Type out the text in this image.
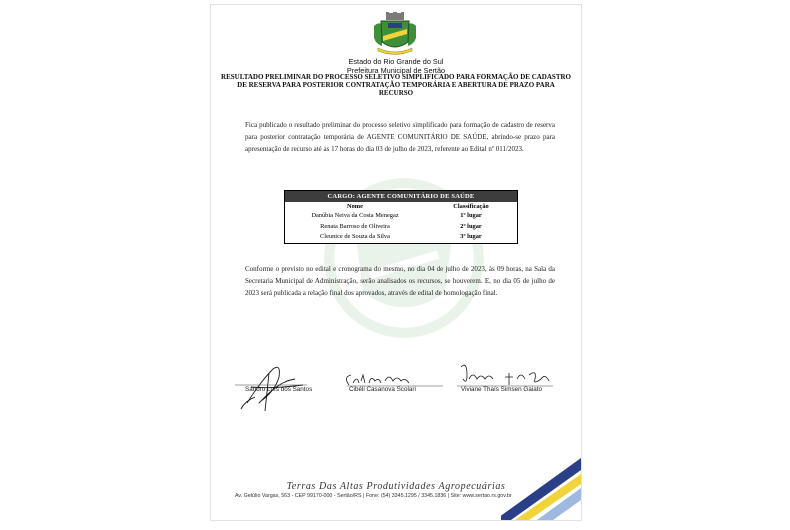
Estado do Rio Grande do Sul
Prefeitura Municipal de Sertão
RESULTADO PRELIMINAR DO PROCESSO SELETIVO SIMPLIFICADO PARA FORMAÇÃO DE CADASTRO DE RESERVA PARA POSTERIOR CONTRATAÇÃO TEMPORÁRIA E ABERTURA DE PRAZO PARA RECURSO
Fica publicado o resultado preliminar do processo seletivo simplificado para formação de cadastro de reserva para posterior contratação temporária de AGENTE COMUNITÁRIO DE SAÚDE, abrindo-se prazo para apresentação de recurso até as 17 horas do dia 03 de julho de 2023, referente ao Edital nº 011/2023.
CARGO: AGENTE COMUNITÁRIO DE SAÚDE
Nome	Classificação
Danúbia Neiva da Costa Menegaz	1º lugar
Renata Barroso de Oliveira	2º lugar
Cleunice de Souza da Silva	3º lugar
Conforme o previsto no edital e cronograma do mesmo, no dia 04 de julho de 2023, às 09 horas, na Sala da Secretaria Municipal de Administração, serão analisados os recursos, se houverem. E, no dia 05 de julho de 2023 será publicada a relação final dos aprovados, através de edital de homologação final.
Sandro Luís dos Santos	Cibéli Casanova Scolari	Viviane Thaís Simsen Gaiato
Terras Das Altas Produtividades Agropecuárias
Av. Getúlio Vargas, 563 - CEP 99170-000 - Sertão/RS | Fone: (54) 3345.1295 / 3345.1836 | Site: www.sertao.rs.gov.br
